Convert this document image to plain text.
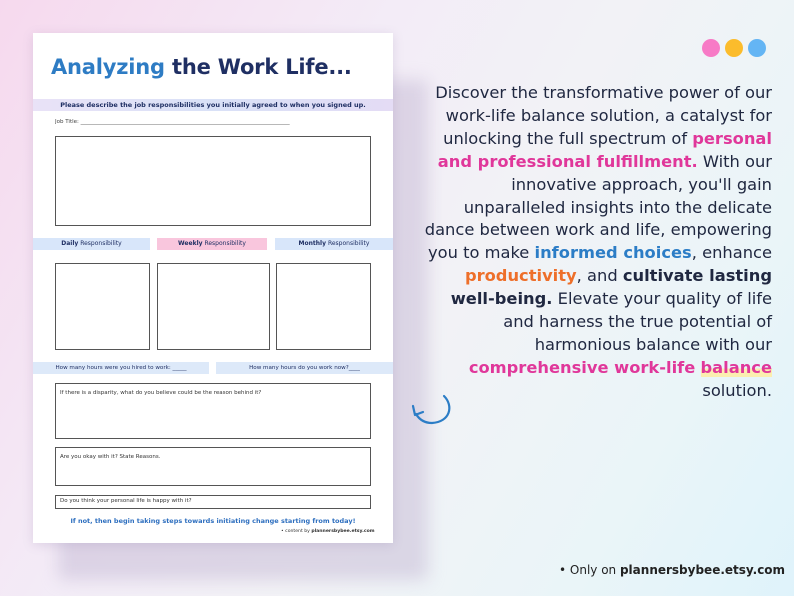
Analyzing the Work Life...
Please describe the job responsibilities you initially agreed to when you signed up.
Job Title: ____________________________________________________________________________
Daily Responsibility	Weekly Responsibility	Monthly Responsibility
How many hours were you hired to work: _____	How many hours do you work now?____
If there is a disparity, what do you believe could be the reason behind it?
Are you okay with it? State Reasons.
Do you think your personal life is happy with it?
If not, then begin taking steps towards initiating change starting from today!
• content by plannersbybee.etsy.com
Discover the transformative power of our work-life balance solution, a catalyst for unlocking the full spectrum of personal and professional fulfillment. With our innovative approach, you'll gain unparalleled insights into the delicate dance between work and life, empowering you to make informed choices, enhance productivity, and cultivate lasting well-being. Elevate your quality of life and harness the true potential of harmonious balance with our comprehensive work-life balance solution.
• Only on plannersbybee.etsy.com
